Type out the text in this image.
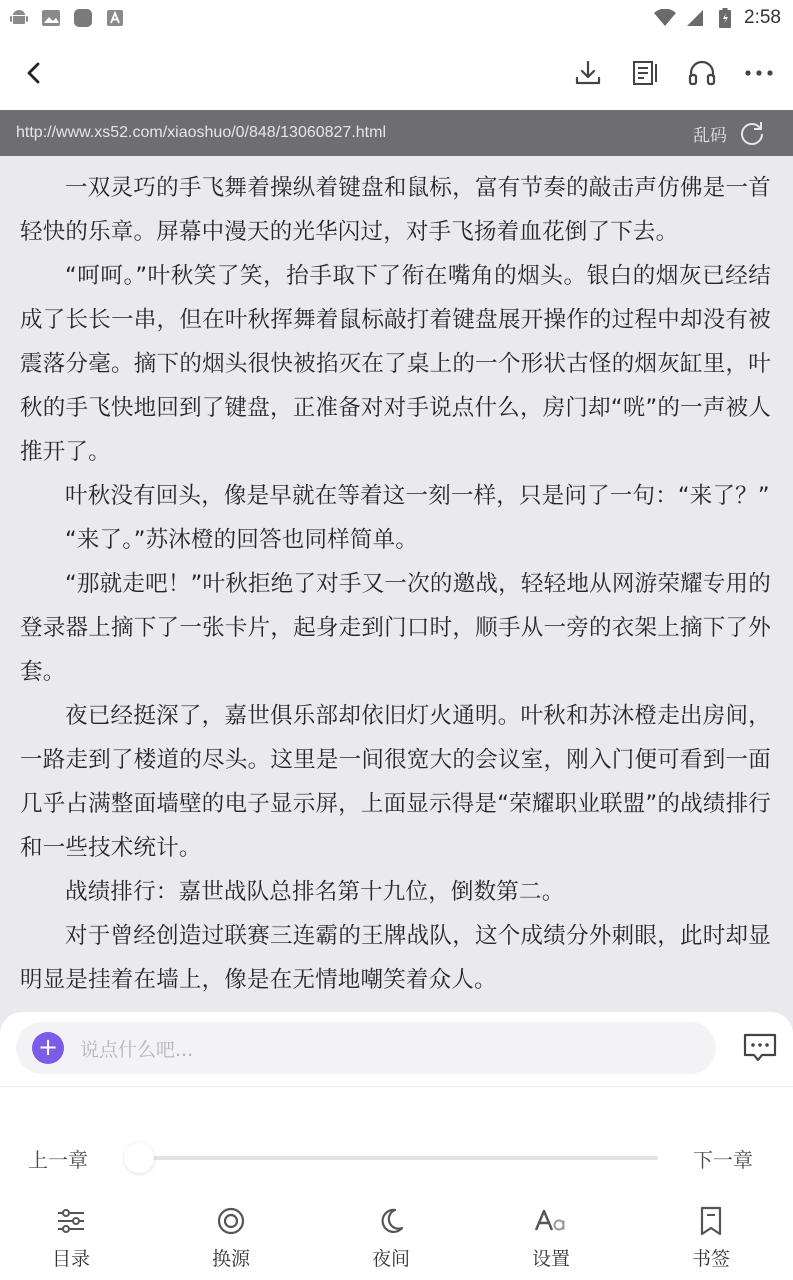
2:58
http://www.xs52.com/xiaoshuo/0/848/13060827.html	乱码

一双灵巧的手飞舞着操纵着键盘和鼠标，富有节奏的敲击声仿佛是一首轻快的乐章。屏幕中漫天的光华闪过，对手飞扬着血花倒了下去。

“呵呵。”叶秋笑了笑，抬手取下了衔在嘴角的烟头。银白的烟灰已经结成了长长一串，但在叶秋挥舞着鼠标敲打着键盘展开操作的过程中却没有被震落分毫。摘下的烟头很快被掐灭在了桌上的一个形状古怪的烟灰缸里，叶秋的手飞快地回到了键盘，正准备对对手说点什么，房门却“咣”的一声被人推开了。

叶秋没有回头，像是早就在等着这一刻一样，只是问了一句：“来了？”

“来了。”苏沐橙的回答也同样简单。

“那就走吧！”叶秋拒绝了对手又一次的邀战，轻轻地从网游荣耀专用的登录器上摘下了一张卡片，起身走到门口时，顺手从一旁的衣架上摘下了外套。

夜已经挺深了，嘉世俱乐部却依旧灯火通明。叶秋和苏沐橙走出房间，一路走到了楼道的尽头。这里是一间很宽大的会议室，刚入门便可看到一面几乎占满整面墙壁的电子显示屏，上面显示得是“荣耀职业联盟”的战绩排行和一些技术统计。

战绩排行：嘉世战队总排名第十九位，倒数第二。

对于曾经创造过联赛三连霸的王牌战队，这个成绩分外刺眼，此时却显明显是挂着在墙上，像是在无情地嘲笑着众人。

+	说点什么吧...
上一章	下一章
目录	换源	夜间	设置	书签
